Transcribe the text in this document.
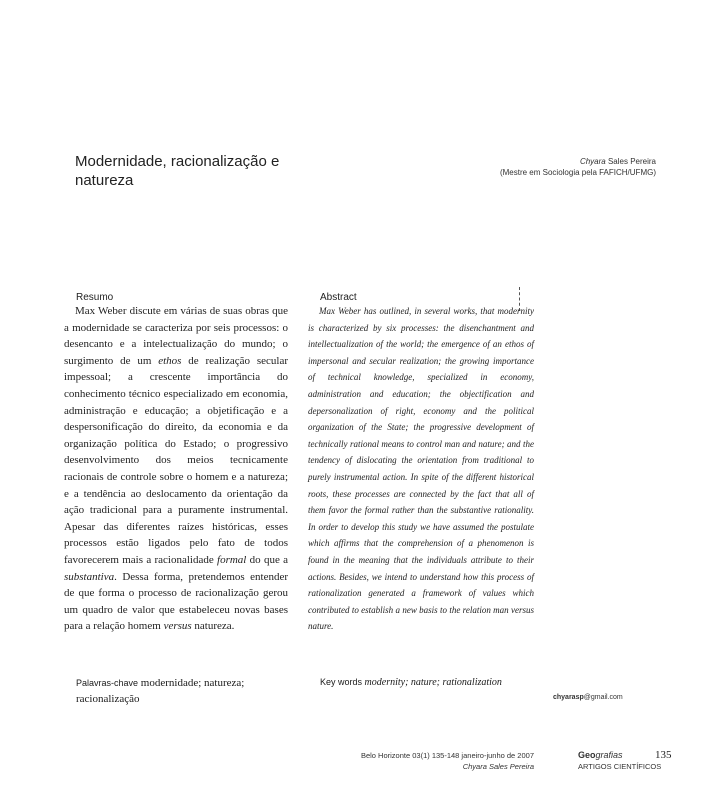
Modernidade, racionalização e natureza
Chyara Sales Pereira
(Mestre em Sociologia pela FAFICH/UFMG)
Resumo	Abstract
Max Weber discute em várias de suas obras que a modernidade se caracteriza por seis processos: o desencanto e a intelectualização do mundo; o surgimento de um ethos de realização secular impessoal; a crescente importância do conhecimento técnico especializado em economia, administração e educação; a objetificação e a despersonificação do direito, da economia e da organização política do Estado; o progressivo desenvolvimento dos meios tecnicamente racionais de controle sobre o homem e a natureza; e a tendência ao deslocamento da orientação da ação tradicional para a puramente instrumental. Apesar das diferentes raízes históricas, esses processos estão ligados pelo fato de todos favorecerem mais a racionalidade formal do que a substantiva. Dessa forma, pretendemos entender de que forma o processo de racionalização gerou um quadro de valor que estabeleceu novas bases para a relação homem versus natureza.
Max Weber has outlined, in several works, that modernity is characterized by six processes: the disenchantment and intellectualization of the world; the emergence of an ethos of impersonal and secular realization; the growing importance of technical knowledge, specialized in economy, administration and education; the objectification and depersonalization of right, economy and the political organization of the State; the progressive development of technically rational means to control man and nature; and the tendency of dislocating the orientation from traditional to purely instrumental action. In spite of the different historical roots, these processes are connected by the fact that all of them favor the formal rather than the substantive rationality. In order to develop this study we have assumed the postulate which affirms that the comprehension of a phenomenon is found in the meaning that the individuals attribute to their actions. Besides, we intend to understand how this process of rationalization generated a framework of values which contributed to establish a new basis to the relation man versus nature.
Palavras-chave modernidade; natureza; racionalização
Key words modernity; nature; rationalization
chyarasp@gmail.com
Belo Horizonte 03(1) 135-148 janeiro-junho de 2007
Chyara Sales Pereira
Geografias
ARTIGOS CIENTÍFICOS
135
